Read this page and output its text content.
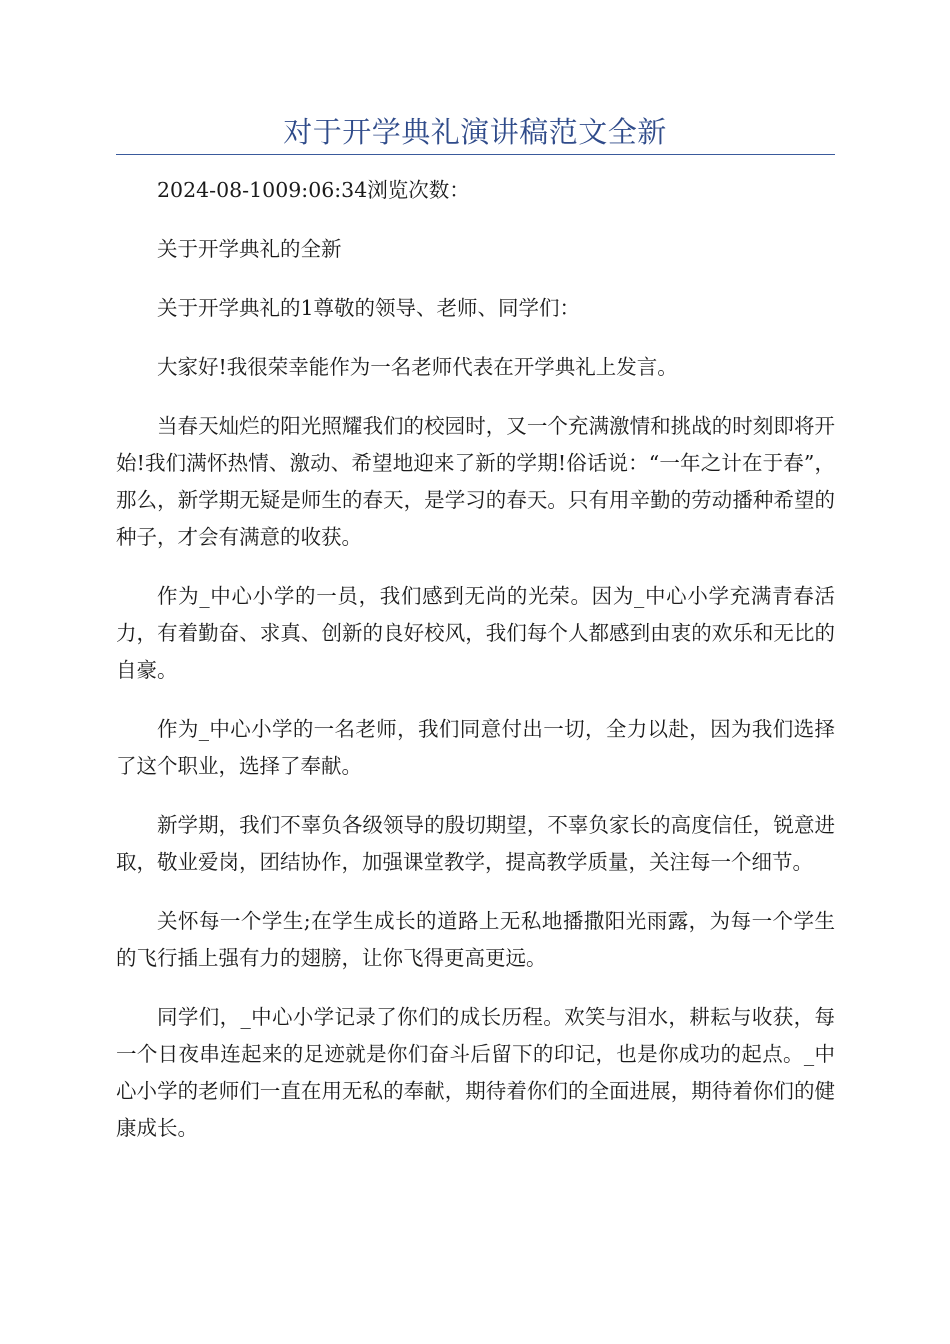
对于开学典礼演讲稿范文全新

2024-08-1009:06:34浏览次数：

关于开学典礼的全新

关于开学典礼的1尊敬的领导、老师、同学们：

大家好!我很荣幸能作为一名老师代表在开学典礼上发言。

当春天灿烂的阳光照耀我们的校园时，又一个充满激情和挑战的时刻即将开始!我们满怀热情、激动、希望地迎来了新的学期!俗话说：“一年之计在于春”，那么，新学期无疑是师生的春天，是学习的春天。只有用辛勤的劳动播种希望的种子，才会有满意的收获。

作为_中心小学的一员，我们感到无尚的光荣。因为_中心小学充满青春活力，有着勤奋、求真、创新的良好校风，我们每个人都感到由衷的欢乐和无比的自豪。

作为_中心小学的一名老师，我们同意付出一切，全力以赴，因为我们选择了这个职业，选择了奉献。

新学期，我们不辜负各级领导的殷切期望，不辜负家长的高度信任，锐意进取，敬业爱岗，团结协作，加强课堂教学，提高教学质量，关注每一个细节。

关怀每一个学生;在学生成长的道路上无私地播撒阳光雨露，为每一个学生的飞行插上强有力的翅膀，让你飞得更高更远。

同学们，_中心小学记录了你们的成长历程。欢笑与泪水，耕耘与收获，每一个日夜串连起来的足迹就是你们奋斗后留下的印记，也是你成功的起点。_中心小学的老师们一直在用无私的奉献，期待着你们的全面进展，期待着你们的健康成长。
